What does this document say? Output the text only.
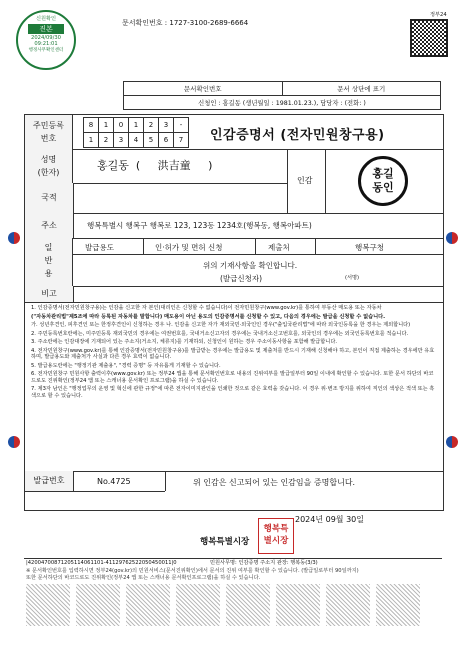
신원확인
진본
2024/09/30
09:21:01
행정사무확인센터
문서확인번호 : 1727-3100-2689-6664
정부24
문서확인번호	문서 상단에 표기
신청인 : 홍길동 (생년월일 : 1981.01.23.), 담당자 : (전화: )
주민등록
번호
8	1	0	1	2	3	-
1	2	3	4	5	6	7 인감증명서 (전자민원창구용)
성명
(한자)
홍길동  (     洪吉童     )
인감
홍길
동인
국적
주소	행복특별시 행복구 행복로 123, 123동 1234호(행복동, 행복아파트)
일
반
용
발급용도	인·허가 및 면허 신청	제출처	행복구청
위의 기재사항을 확인합니다.
(발급신청자)	(서명)
비고
1. 인감증명서(전자민원창구용)는 인감을 신고한 자 본인(대리인은 신청할 수 없습니다)이 전자민원창구(www.gov.kr)를 통하여 부동산 매도용 또는 자동차
("자동차관리법"제5조에 따라 등록된 자동차를 말합니다) 매도용이 아닌 용도의 인감증명서를 신청할 수 있고, 다음의 경우에는 발급을 신청할 수 없습니다.
가. 성년후견인, 피후견인 또는 한정후견인이 신청하는 경우 나. 인감을 신고한 자가 재외국민·외국인인 경우("출입국관리법"에 따라 외국인등록을 한 경우는 제외합니다)
2. 주민등록번호란에는, 미주민등록 재외국민의 경우에는 여권번호를, 국내거소신고자의 경우에는 국내거소신고번호를, 외국인의 경우에는 외국인등록번호를 적습니다.
3. 주소란에는 인감대장에 기재되어 있는 주소지(거소지, 체류지)를 기재하되, 신청인이 원하는 경우 주소이동사항을 포함해 발급합니다.
4. 전자민원창구(www.gov.kr)를 통해 인감증명서(전자민원창구용)를 발급받는 경우에는 발급용도 및 제출처를 반드시 기재해 신청해야 하고, 본인이 직접 제출하는 경우에만 유효하며, 발급용도와 제출처가 사실과 다른 경우 효력이 없습니다.
5. 발급용도란에는 "행정기관 제출용", "경력 증명" 등 자유롭게 기재할 수 있습니다.
6. 전자민원창구 민원사항 출력이후(www.gov.kr) 또는 정부24 앱을 통해 문서확인번호로 내용의 진위여부를 발급일부터 90일 이내에 확인할 수 있습니다. 또한 문서 하단의 바코드로도 진위확인(정부24 앱 또는 스캐너용 문서확인 프로그램)을 하실 수 있습니다.
7. 제3자 남인은 "행정업무의 운영 및 혁신에 관한 규정"에 따른 전자이미지관인을 인쇄한 것으로 같은 효력을 갖습니다. 이 경우 위·변조 방지를 위하여 직인의 색상은 적색 또는 흑색으로 할 수 있습니다.
발급번호	No.4725	위 인감은 신고되어 있는 인감임을 증명합니다.
2024년 09월 30일
행복특별시장
행복특
별시장
|42004700871205114061101-41129762522050450011|0	민원사무명: 인감증명 주소지 관장: 행복동(3/3)
※ 문서확인번호를 입력하시면 정부24(gov.kr)의 민원서비스(문서진위확인)에서 문서의 진위 여부를 확인할 수 있습니다. (발급일로부터 90일까지)
또한 문서하단의 바코드로도 진위확인(정부24 앱 또는 스캐너용 문서확인프로그램)을 하실 수 있습니다.
